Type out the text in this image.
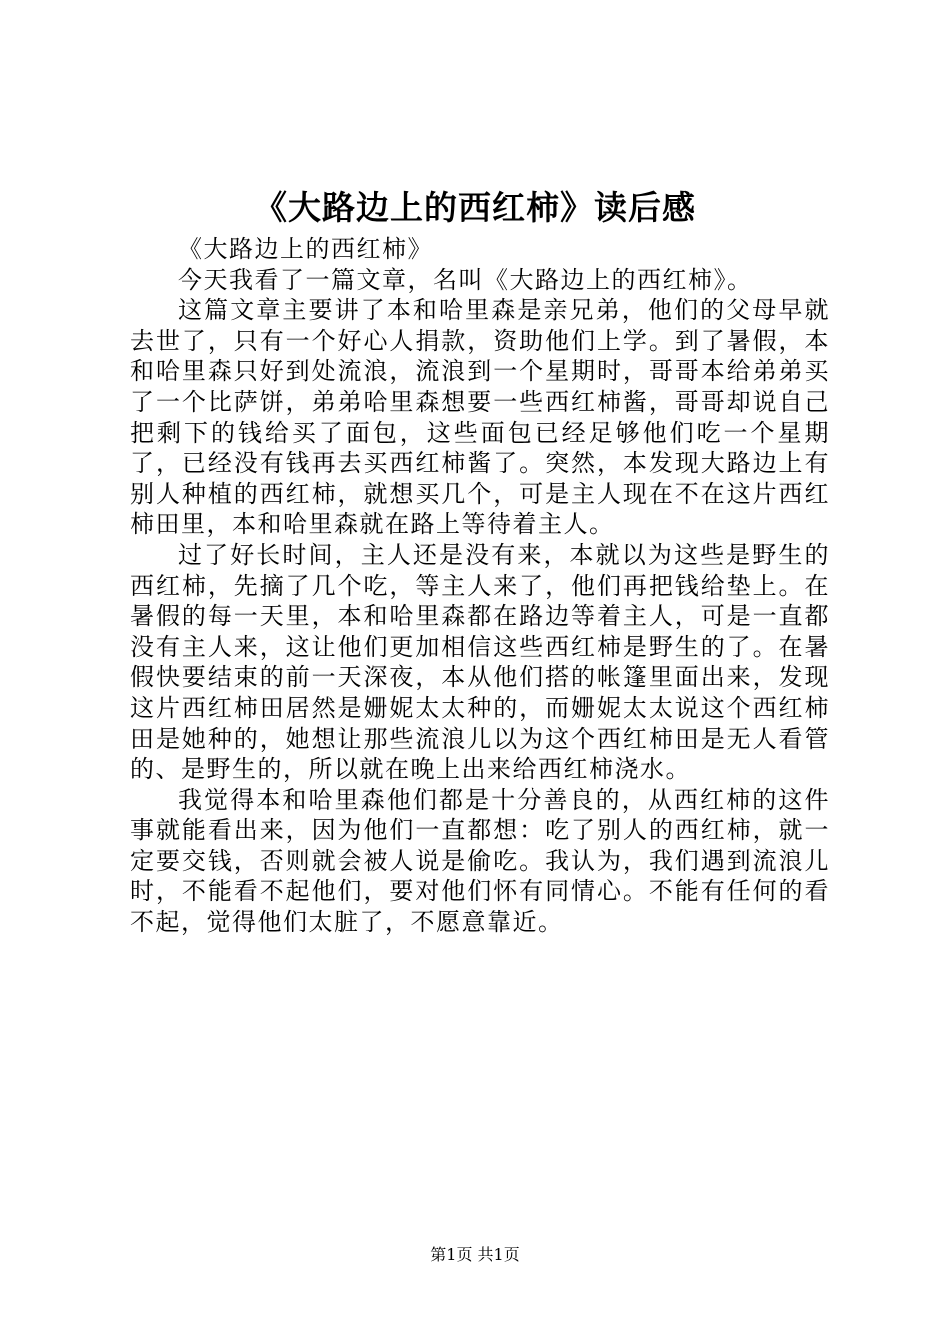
《大路边上的西红柿》读后感

《大路边上的西红柿》

今天我看了一篇文章，名叫《大路边上的西红柿》。

这篇文章主要讲了本和哈里森是亲兄弟，他们的父母早就去世了，只有一个好心人捐款，资助他们上学。到了暑假，本和哈里森只好到处流浪，流浪到一个星期时，哥哥本给弟弟买了一个比萨饼，弟弟哈里森想要一些西红柿酱，哥哥却说自己把剩下的钱给买了面包，这些面包已经足够他们吃一个星期了，已经没有钱再去买西红柿酱了。突然，本发现大路边上有别人种植的西红柿，就想买几个，可是主人现在不在这片西红柿田里，本和哈里森就在路上等待着主人。

过了好长时间，主人还是没有来，本就以为这些是野生的西红柿，先摘了几个吃，等主人来了，他们再把钱给垫上。在暑假的每一天里，本和哈里森都在路边等着主人，可是一直都没有主人来，这让他们更加相信这些西红柿是野生的了。在暑假快要结束的前一天深夜，本从他们搭的帐篷里面出来，发现这片西红柿田居然是姗妮太太种的，而姗妮太太说这个西红柿田是她种的，她想让那些流浪儿以为这个西红柿田是无人看管的、是野生的，所以就在晚上出来给西红柿浇水。

我觉得本和哈里森他们都是十分善良的，从西红柿的这件事就能看出来，因为他们一直都想：吃了别人的西红柿，就一定要交钱，否则就会被人说是偷吃。我认为，我们遇到流浪儿时，不能看不起他们，要对他们怀有同情心。不能有任何的看不起，觉得他们太脏了，不愿意靠近。

第1页 共1页
